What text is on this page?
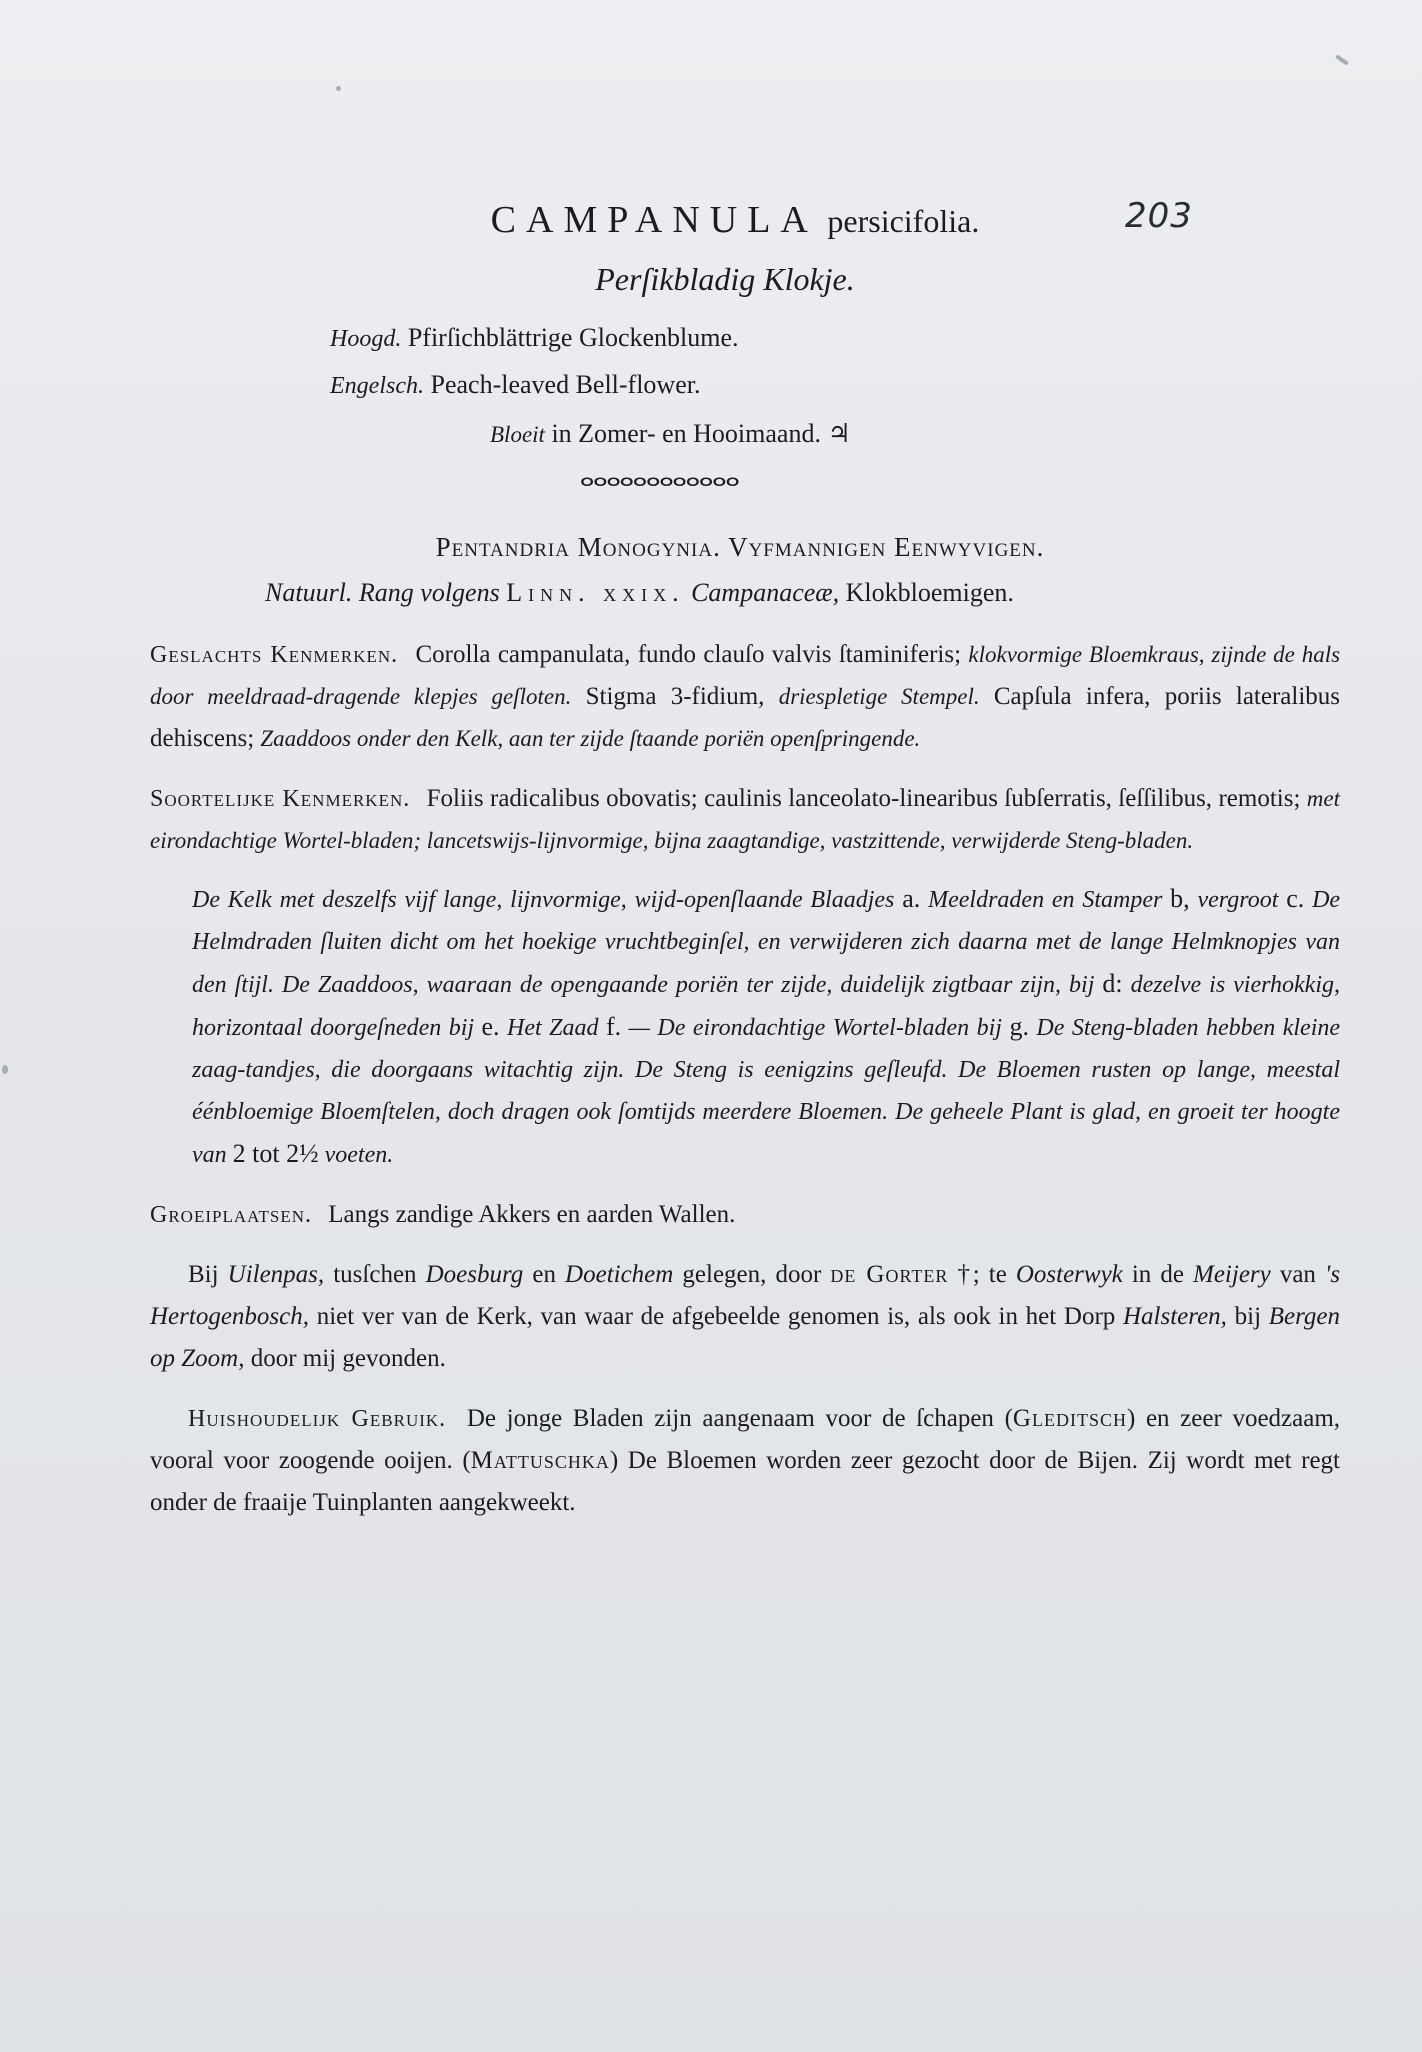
CAMPANULA persicifolia.	203
Perſikbladig Klokje.
Hoogd. Pfirſichblättrige Glockenblume.
Engelsch. Peach-leaved Bell-flower.
Bloeit in Zomer- en Hooimaand. ♃
ⴰⴰⴰⴰⴰⴰⴰⴰⴰⴰⴰⴰ
Pentandria Monogynia. Vyfmannigen Eenwyvigen.
Natuurl. Rang volgens Linn. xxix. Campanaceæ, Klokbloemigen.

Geslachts Kenmerken. Corolla campanulata, fundo clauſo valvis ſtaminiferis; klokvormige Bloemkraus, zijnde de hals door meeldraad-dragende klepjes geſloten. Stigma 3-fidium, driespletige Stempel. Capſula infera, poriis lateralibus dehiscens; Zaaddoos onder den Kelk, aan ter zijde ſtaande poriën openſpringende.

Soortelijke Kenmerken. Foliis radicalibus obovatis; caulinis lanceolato-linearibus ſubſerratis, ſeſſilibus, remotis; met eirondachtige Wortel-bladen; lancetswijs-lijnvormige, bijna zaagtandige, vastzittende, verwijderde Steng-bladen.

De Kelk met deszelfs vijf lange, lijnvormige, wijd-openſlaande Blaadjes a. Meeldraden en Stamper b, vergroot c. De Helmdraden ſluiten dicht om het hoekige vruchtbeginſel, en verwijderen zich daarna met de lange Helmknopjes van den ſtijl. De Zaaddoos, waaraan de opengaande poriën ter zijde, duidelijk zigtbaar zijn, bij d: dezelve is vierhokkig, horizontaal doorgeſneden bij e. Het Zaad f. — De eirondachtige Wortel-bladen bij g. De Steng-bladen hebben kleine zaag-tandjes, die doorgaans witachtig zijn. De Steng is eenigzins geſleufd. De Bloemen rusten op lange, meestal éénbloemige Bloemſtelen, doch dragen ook ſomtijds meerdere Bloemen. De geheele Plant is glad, en groeit ter hoogte van 2 tot 2½ voeten.

Groeiplaatsen. Langs zandige Akkers en aarden Wallen.

Bij Uilenpas, tusſchen Doesburg en Doetichem gelegen, door de Gorter †; te Oosterwyk in de Meijery van 's Hertogenbosch, niet ver van de Kerk, van waar de afgebeelde genomen is, als ook in het Dorp Halsteren, bij Bergen op Zoom, door mij gevonden.

Huishoudelijk Gebruik. De jonge Bladen zijn aangenaam voor de ſchapen (Gleditsch) en zeer voedzaam, vooral voor zoogende ooijen. (Mattuschka) De Bloemen worden zeer gezocht door de Bijen. Zij wordt met regt onder de fraaije Tuinplanten aangekweekt.
